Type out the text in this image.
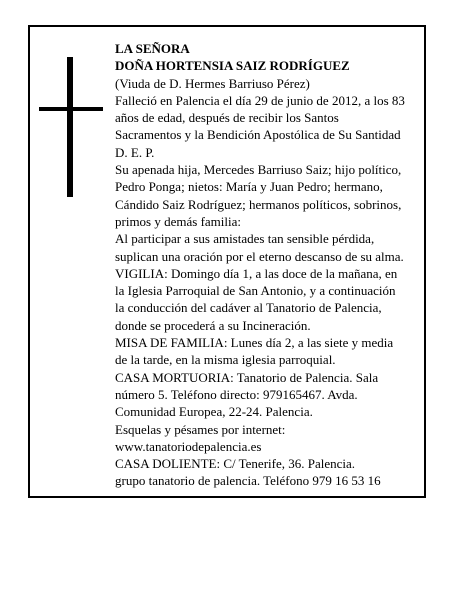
LA SEÑORA
DOÑA HORTENSIA SAIZ RODRÍGUEZ
(Viuda de D. Hermes Barriuso Pérez)
Falleció en Palencia el día 29 de junio de 2012, a los 83
años de edad, después de recibir los Santos
Sacramentos y la Bendición Apostólica de Su Santidad
D. E. P.
Su apenada hija, Mercedes Barriuso Saiz; hijo político,
Pedro Ponga; nietos: María y Juan Pedro; hermano,
Cándido Saiz Rodríguez; hermanos políticos, sobrinos,
primos y demás familia:
Al participar a sus amistades tan sensible pérdida,
suplican una oración por el eterno descanso de su alma.
VIGILIA: Domingo día 1, a las doce de la mañana, en
la Iglesia Parroquial de San Antonio, y a continuación
la conducción del cadáver al Tanatorio de Palencia,
donde se procederá a su Incineración.
MISA DE FAMILIA: Lunes día 2, a las siete y media
de la tarde, en la misma iglesia parroquial.
CASA MORTUORIA: Tanatorio de Palencia. Sala
número 5. Teléfono directo: 979165467. Avda.
Comunidad Europea, 22-24. Palencia.
Esquelas y pésames por internet:
www.tanatoriodepalencia.es
CASA DOLIENTE: C/ Tenerife, 36. Palencia.
grupo tanatorio de palencia. Teléfono 979 16 53 16
